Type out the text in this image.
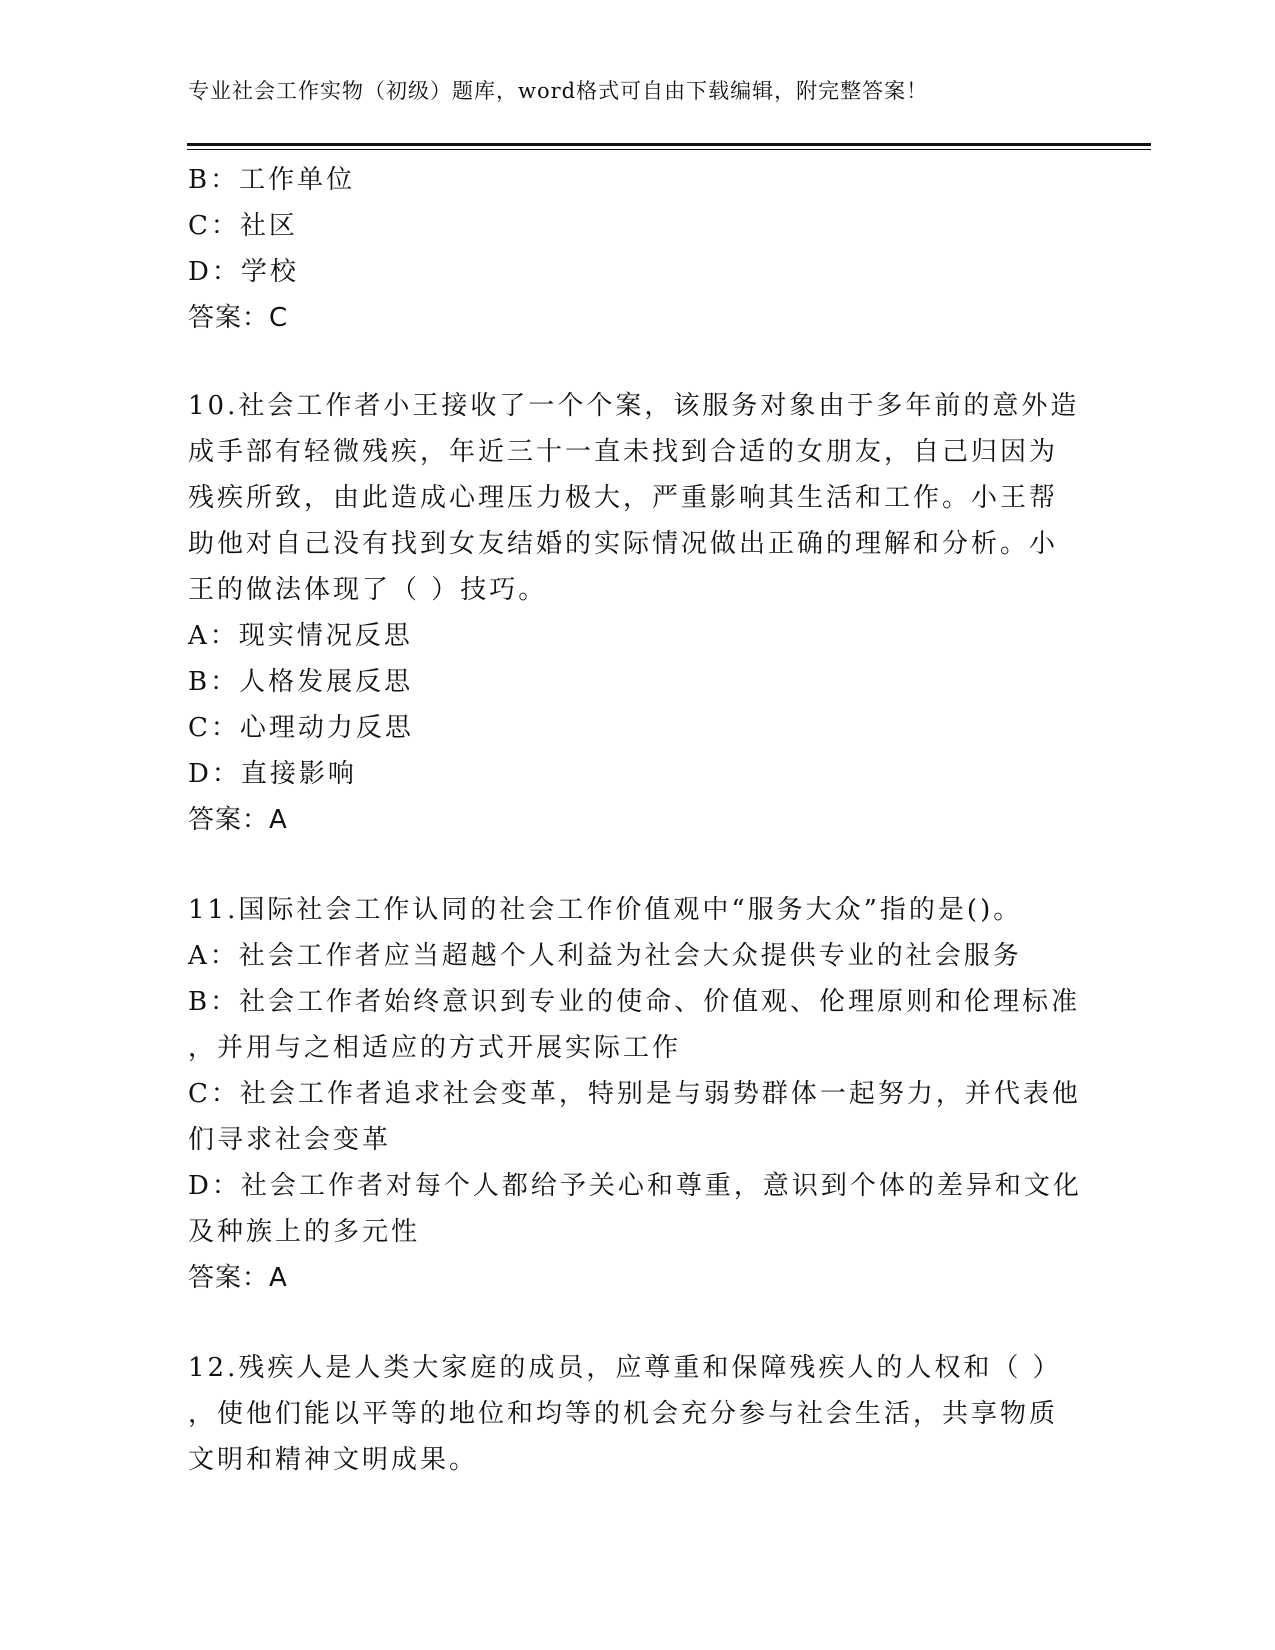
专业社会工作实物（初级）题库，word格式可自由下载编辑，附完整答案！
B：工作单位
C：社区
D：学校
答案：C
10.社会工作者小王接收了一个个案，该服务对象由于多年前的意外造
成手部有轻微残疾，年近三十一直未找到合适的女朋友，自己归因为
残疾所致，由此造成心理压力极大，严重影响其生活和工作。小王帮
助他对自己没有找到女友结婚的实际情况做出正确的理解和分析。小
王的做法体现了（ ）技巧。
A：现实情况反思
B：人格发展反思
C：心理动力反思
D：直接影响
答案：A
11.国际社会工作认同的社会工作价值观中“服务大众”指的是()。
A：社会工作者应当超越个人利益为社会大众提供专业的社会服务
B：社会工作者始终意识到专业的使命、价值观、伦理原则和伦理标准
，并用与之相适应的方式开展实际工作
C：社会工作者追求社会变革，特别是与弱势群体一起努力，并代表他
们寻求社会变革
D：社会工作者对每个人都给予关心和尊重，意识到个体的差异和文化
及种族上的多元性
答案：A
12.残疾人是人类大家庭的成员，应尊重和保障残疾人的人权和（ ）
，使他们能以平等的地位和均等的机会充分参与社会生活，共享物质
文明和精神文明成果。
